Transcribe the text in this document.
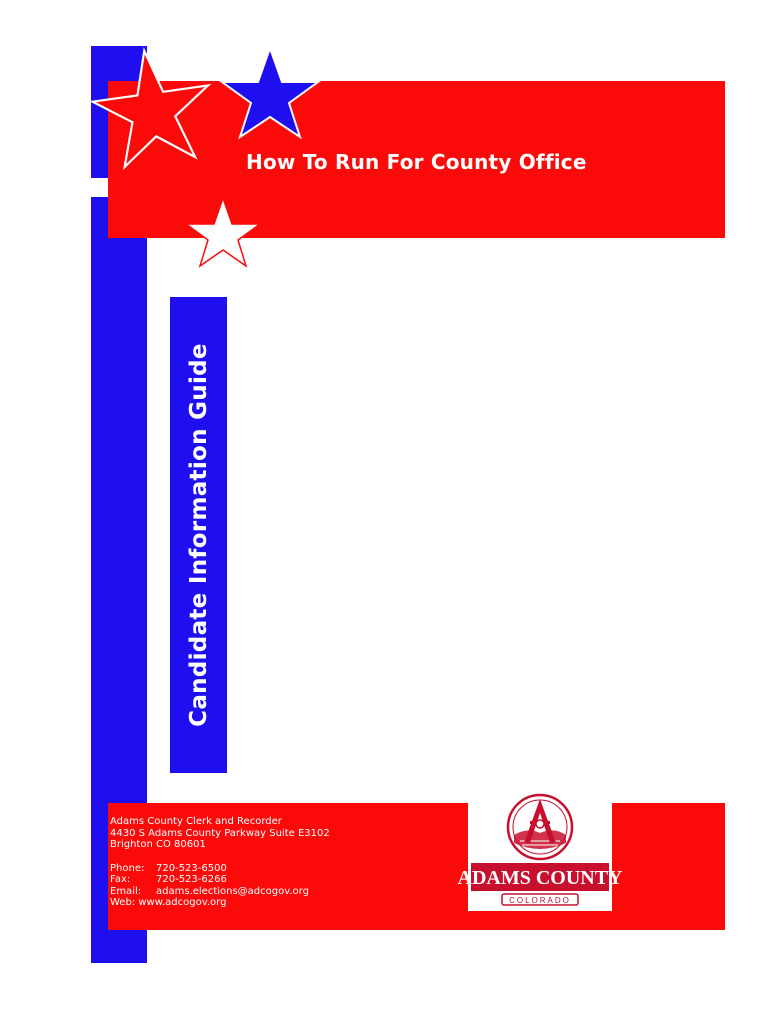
How To Run For County Office
Candidate Information Guide
Adams County Clerk and Recorder
4430 S Adams County Parkway Suite E3102
Brighton CO 80601
Phone: 720-523-6500
Fax:	720-523-6266
Email: adams.elections@adcogov.org
Web: www.adcogov.org
ADAMS COUNTY
COLORADO
